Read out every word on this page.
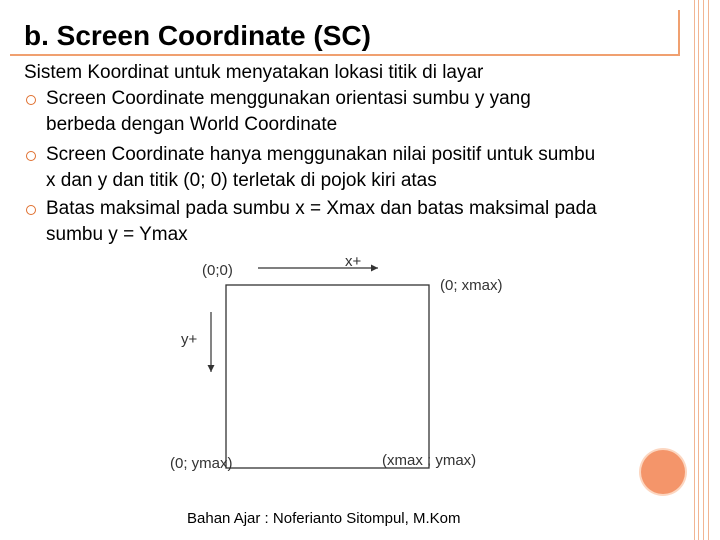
b. Screen Coordinate (SC)
Sistem Koordinat untuk menyatakan lokasi titik di layar
Screen Coordinate menggunakan orientasi sumbu y yang
berbeda dengan World Coordinate
Screen Coordinate hanya menggunakan nilai positif untuk sumbu
x dan y dan titik (0; 0) terletak di pojok kiri atas
Batas maksimal pada sumbu x = Xmax dan batas maksimal pada
sumbu y = Ymax
(0;0)
x+
y+
(0; xmax)
(0; ymax)	(xmax ; ymax)
Bahan Ajar : Noferianto Sitompul, M.Kom
